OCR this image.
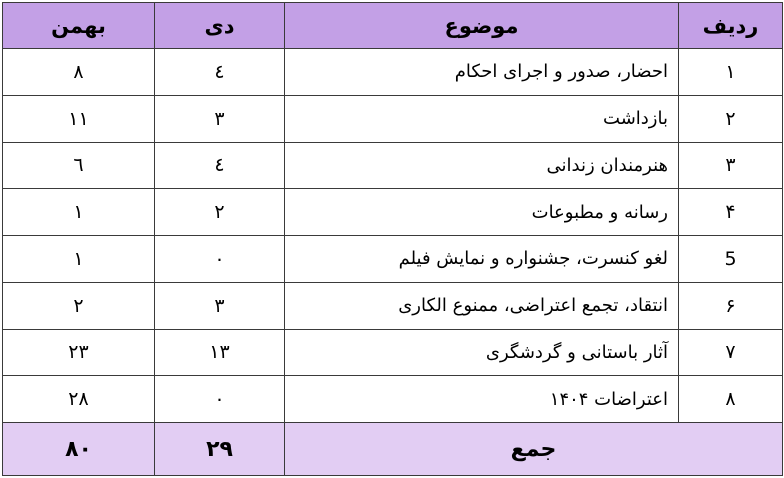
ردیف	موضوع	دی	بهمن
۱	احضار، صدور و اجرای احکام	٤	٨
۲	بازداشت	٣	١١
۳	هنرمندان زندانی	٤	٦
۴	رسانه و مطبوعات	٢	١
5	لغو کنسرت، جشنواره و نمایش فیلم	٠	١
۶	انتقاد، تجمع اعتراضی، ممنوع الکاری	٣	٢
۷	آثار باستانی و گردشگری	١٣	٢٣
۸	اعتراضات ۱۴۰۴	٠	٢٨
جمع		٢٩	٨٠
